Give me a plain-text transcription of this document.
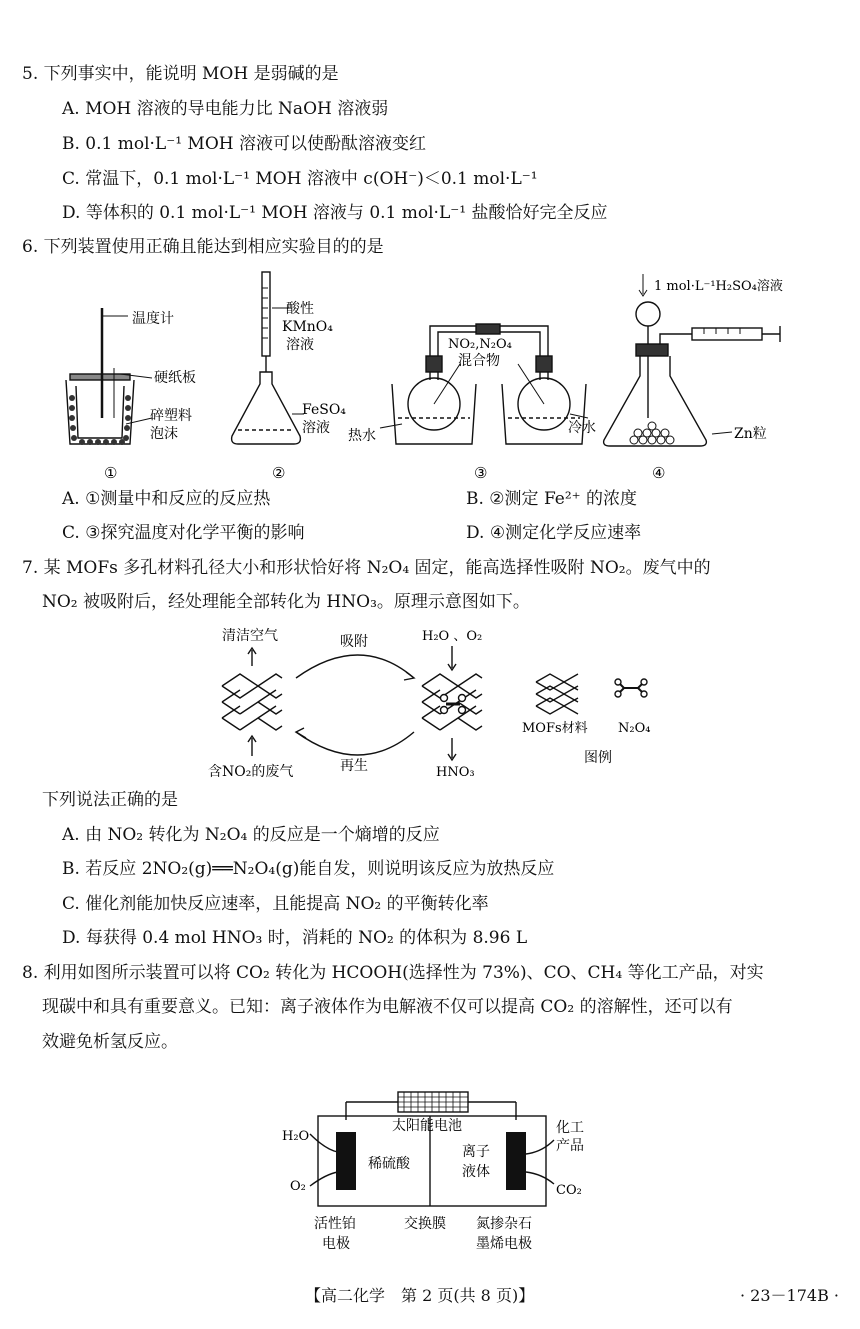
5. 下列事实中，能说明 MOH 是弱碱的是
A. MOH 溶液的导电能力比 NaOH 溶液弱
B. 0.1 mol·L⁻¹ MOH 溶液可以使酚酞溶液变红
C. 常温下，0.1 mol·L⁻¹ MOH 溶液中 c(OH⁻)＜0.1 mol·L⁻¹
D. 等体积的 0.1 mol·L⁻¹ MOH 溶液与 0.1 mol·L⁻¹ 盐酸恰好完全反应
6. 下列装置使用正确且能达到相应实验目的的是
温度计
硬纸板
碎塑料
泡沫
①
酸性
KMnO₄
溶液
FeSO₄
溶液
②
NO₂,N₂O₄
混合物
热水	冷水
③
1 mol·L⁻¹H₂SO₄溶液
Zn粒
④
A. ①测量中和反应的反应热	B. ②测定 Fe²⁺ 的浓度
C. ③探究温度对化学平衡的影响	D. ④测定化学反应速率
7. 某 MOFs 多孔材料孔径大小和形状恰好将 N₂O₄ 固定，能高选择性吸附 NO₂。废气中的
NO₂ 被吸附后，经处理能全部转化为 HNO₃。原理示意图如下。
清洁空气	吸附	H₂O 、O₂
含NO₂的废气	再生	HNO₃
MOFs材料 N₂O₄
图例
下列说法正确的是
A. 由 NO₂ 转化为 N₂O₄ 的反应是一个熵增的反应
B. 若反应 2NO₂(g)══N₂O₄(g)能自发，则说明该反应为放热反应
C. 催化剂能加快反应速率，且能提高 NO₂ 的平衡转化率
D. 每获得 0.4 mol HNO₃ 时，消耗的 NO₂ 的体积为 8.96 L
8. 利用如图所示装置可以将 CO₂ 转化为 HCOOH(选择性为 73%)、CO、CH₄ 等化工产品，对实
现碳中和具有重要意义。已知：离子液体作为电解液不仅可以提高 CO₂ 的溶解性，还可以有
效避免析氢反应。
太阳能电池
H₂O
O₂
稀硫酸
离子
液体
化工
产品
CO₂
活性铂
电极
交换膜 氮掺杂石
墨烯电极
【高二化学　第 2 页(共 8 页)】	· 23－174B ·
